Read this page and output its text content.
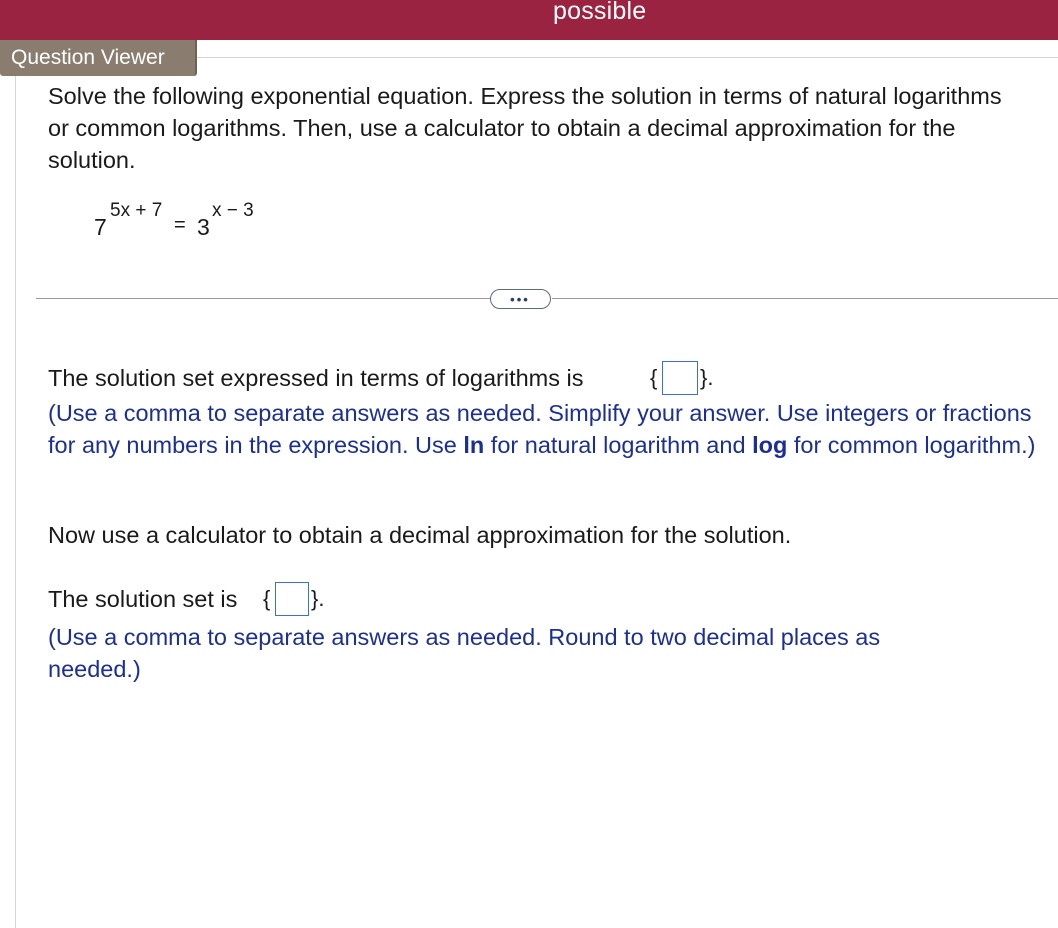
possible
Question Viewer
Solve the following exponential equation. Express the solution in terms of natural logarithms or common logarithms. Then, use a calculator to obtain a decimal approximation for the solution.
7
5x + 7
= 3
x − 3
•••
The solution set expressed in terms of logarithms is	{ }.
(Use a comma to separate answers as needed. Simplify your answer. Use integers or fractions for any numbers in the expression. Use ln for natural logarithm and log for common logarithm.)
Now use a calculator to obtain a decimal approximation for the solution.
The solution set is { }.
(Use a comma to separate answers as needed. Round to two decimal places as needed.)
